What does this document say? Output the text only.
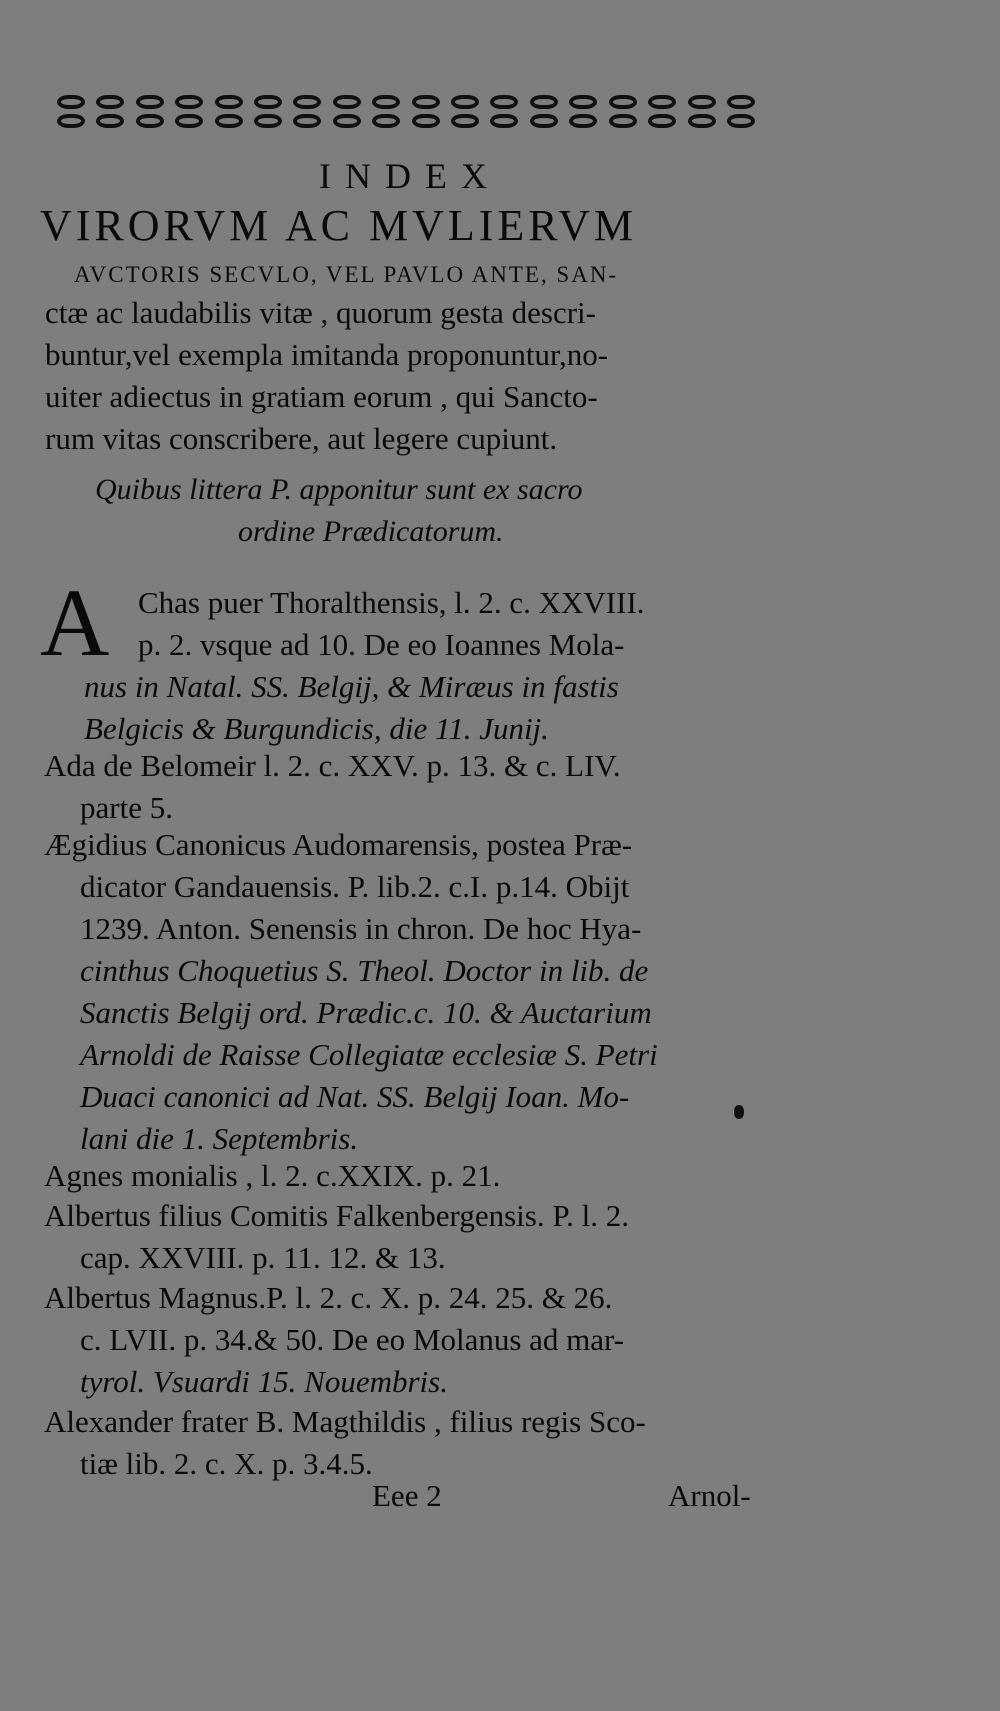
INDEX
VIRORVM AC MVLIERVM
AVCTORIS SECVLO, VEL PAVLO ANTE, SAN-
ctæ ac laudabilis vitæ , quorum gesta descri-
buntur,vel exempla imitanda proponuntur,no-
uiter adiectus in gratiam eorum , qui Sancto-
rum vitas conscribere, aut legere cupiunt.
Quibus littera P. apponitur sunt ex sacro
ordine Prædicatorum.
A Chas puer Thoralthensis, l. 2. c. XXVIII.
p. 2. vsque ad 10. De eo Ioannes Mola-
nus in Natal. SS. Belgij, & Miræus in fastis
Belgicis & Burgundicis, die 11. Junij.
Ada de Belomeir l. 2. c. XXV. p. 13. & c. LIV.
parte 5.
Ægidius Canonicus Audomarensis, postea Præ-
dicator Gandauensis. P. lib.2. c.I. p.14. Obijt
1239. Anton. Senensis in chron. De hoc Hya-
cinthus Choquetius S. Theol. Doctor in lib. de
Sanctis Belgij ord. Prædic.c. 10. & Auctarium
Arnoldi de Raisse Collegiatæ ecclesiæ S. Petri
Duaci canonici ad Nat. SS. Belgij Ioan. Mo-
lani die 1. Septembris.
Agnes monialis , l. 2. c.XXIX. p. 21.
Albertus filius Comitis Falkenbergensis. P. l. 2.
cap. XXVIII. p. 11. 12. & 13.
Albertus Magnus.P. l. 2. c. X. p. 24. 25. & 26.
c. LVII. p. 34.& 50. De eo Molanus ad mar-
tyrol. Vsuardi 15. Nouembris.
Alexander frater B. Magthildis , filius regis Sco-
tiæ lib. 2. c. X. p. 3.4.5.
Eee 2	Arnol-
